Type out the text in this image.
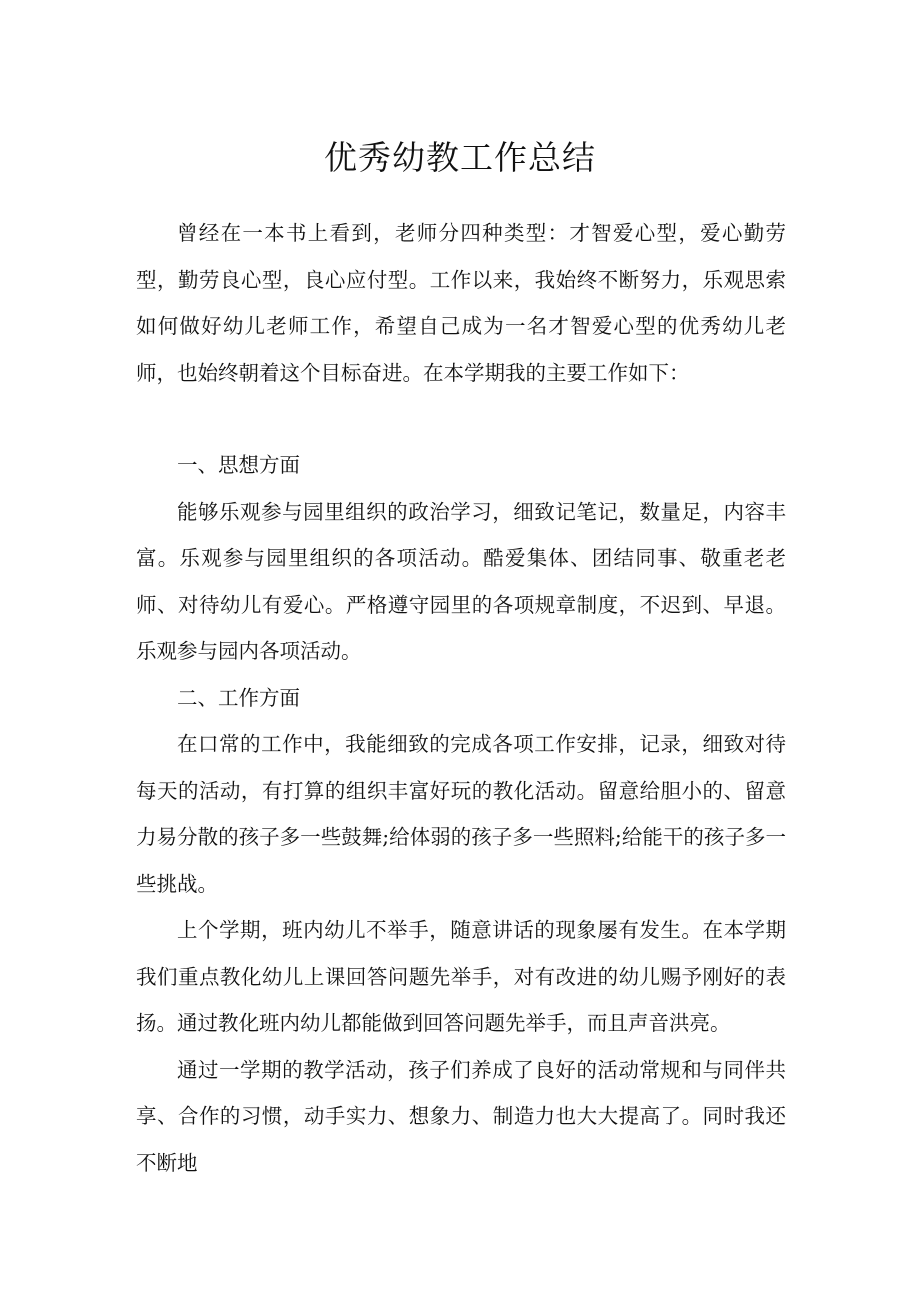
优秀幼教工作总结

曾经在一本书上看到，老师分四种类型：才智爱心型，爱心勤劳型，勤劳良心型，良心应付型。工作以来，我始终不断努力，乐观思索如何做好幼儿老师工作，希望自己成为一名才智爱心型的优秀幼儿老师，也始终朝着这个目标奋进。在本学期我的主要工作如下：

一、思想方面

能够乐观参与园里组织的政治学习，细致记笔记，数量足，内容丰富。乐观参与园里组织的各项活动。酷爱集体、团结同事、敬重老老师、对待幼儿有爱心。严格遵守园里的各项规章制度，不迟到、早退。乐观参与园内各项活动。

二、工作方面

在口常的工作中，我能细致的完成各项工作安排，记录，细致对待每天的活动，有打算的组织丰富好玩的教化活动。留意给胆小的、留意力易分散的孩子多一些鼓舞;给体弱的孩子多一些照料;给能干的孩子多一些挑战。

上个学期，班内幼儿不举手，随意讲话的现象屡有发生。在本学期我们重点教化幼儿上课回答问题先举手，对有改进的幼儿赐予刚好的表扬。通过教化班内幼儿都能做到回答问题先举手，而且声音洪亮。

通过一学期的教学活动，孩子们养成了良好的活动常规和与同伴共享、合作的习惯，动手实力、想象力、制造力也大大提高了。同时我还不断地
